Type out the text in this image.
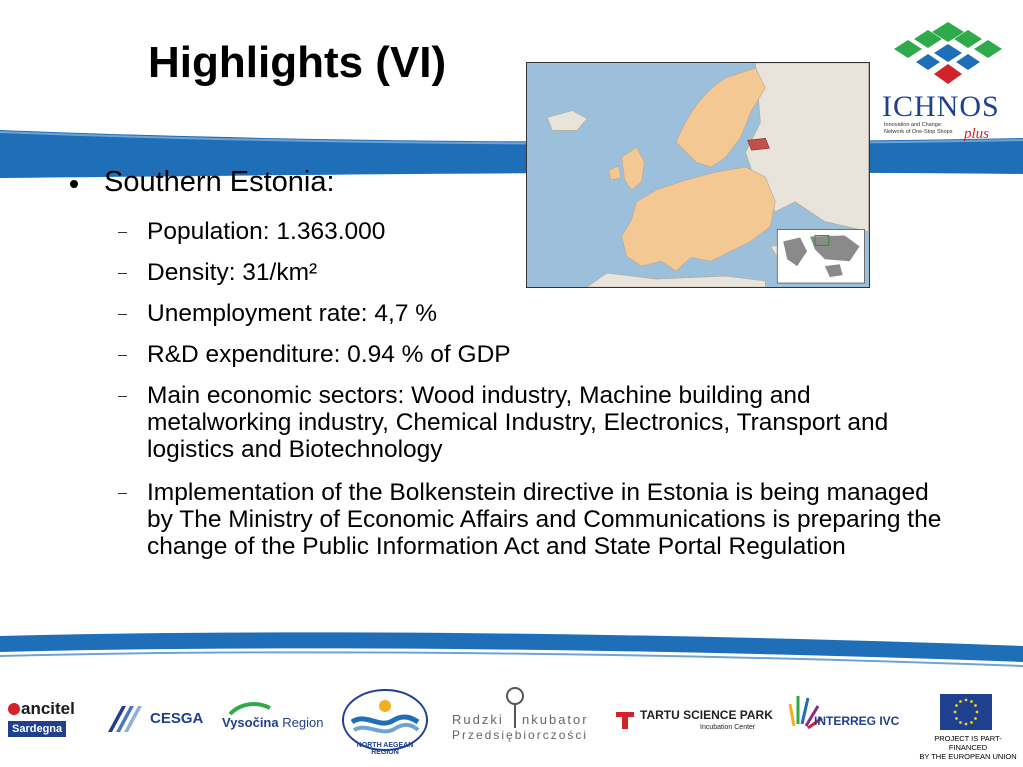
Highlights (VI)
ICHNOS
Innovation and Change:
Network of One-Stop Shops plus
Southern Estonia:
Population: 1.363.000
Density: 31/km²
Unemployment rate: 4,7 %
R&D expenditure: 0.94 % of GDP
Main economic sectors: Wood industry, Machine building and metalworking industry, Chemical Industry, Electronics, Transport and logistics and Biotechnology
Implementation of the Bolkenstein directive in Estonia is being managed by The Ministry of Economic Affairs and Communications is preparing the change of the Public Information Act and State Portal Regulation
ancitel
Sardegna
CESGA Vysočina Region
NORTH AEGEAN REGION
Rudzki nkubator
Przedsiębiorczości
TARTU SCIENCE PARK
Incubation Center	INTERREG IVC
PROJECT IS PART-FINANCED
BY THE EUROPEAN UNION
